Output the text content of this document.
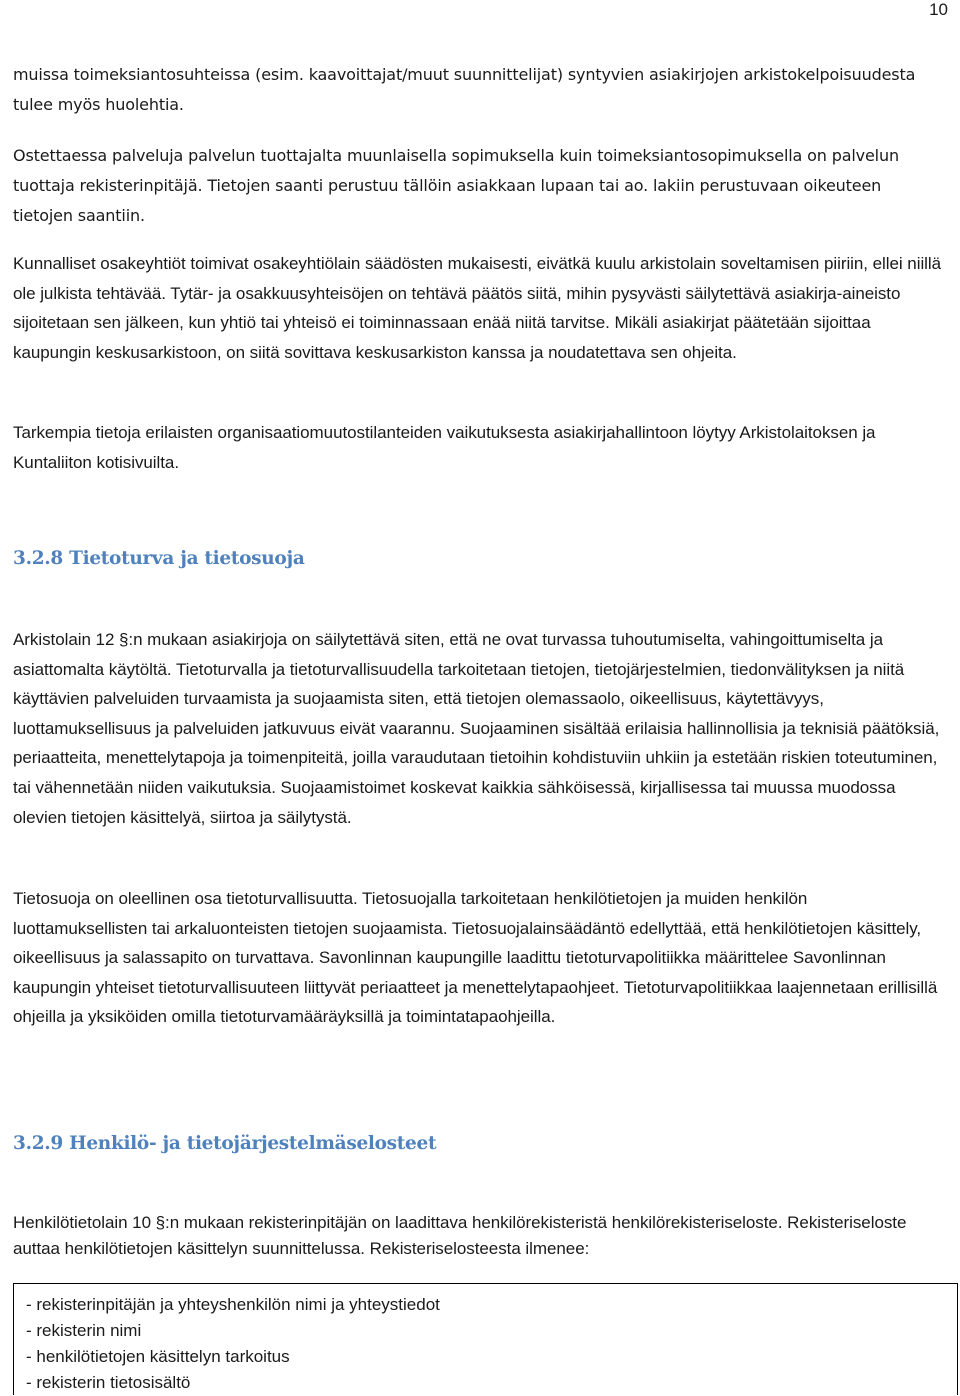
10

muissa toimeksiantosuhteissa (esim. kaavoittajat/muut suunnittelijat) syntyvien asiakirjojen arkistokelpoisuudesta tulee myös huolehtia.

Ostettaessa palveluja palvelun tuottajalta muunlaisella sopimuksella kuin toimeksiantosopimuksella on palvelun tuottaja rekisterinpitäjä. Tietojen saanti perustuu tällöin asiakkaan lupaan tai ao. lakiin perustuvaan oikeuteen tietojen saantiin.

Kunnalliset osakeyhtiöt toimivat osakeyhtiölain säädösten mukaisesti, eivätkä kuulu arkistolain soveltamisen piiriin, ellei niillä ole julkista tehtävää. Tytär- ja osakkuusyhteisöjen on tehtävä päätös siitä, mihin pysyvästi säilytettävä asiakirja-aineisto sijoitetaan sen jälkeen, kun yhtiö tai yhteisö ei toiminnassaan enää niitä tarvitse. Mikäli asiakirjat päätetään sijoittaa kaupungin keskusarkistoon, on siitä sovittava keskusarkiston kanssa ja noudatettava sen ohjeita.

Tarkempia tietoja erilaisten organisaatiomuutostilanteiden vaikutuksesta asiakirjahallintoon löytyy Arkistolaitoksen ja Kuntaliiton kotisivuilta.

3.2.8 Tietoturva ja tietosuoja

Arkistolain 12 §:n mukaan asiakirjoja on säilytettävä siten, että ne ovat turvassa tuhoutumiselta, vahingoittumiselta ja asiattomalta käytöltä. Tietoturvalla ja tietoturvallisuudella tarkoitetaan tietojen, tietojärjestelmien, tiedonvälityksen ja niitä käyttävien palveluiden turvaamista ja suojaamista siten, että tietojen olemassaolo, oikeellisuus, käytettävyys, luottamuksellisuus ja palveluiden jatkuvuus eivät vaarannu. Suojaaminen sisältää erilaisia hallinnollisia ja teknisiä päätöksiä, periaatteita, menettelytapoja ja toimenpiteitä, joilla varaudutaan tietoihin kohdistuviin uhkiin ja estetään riskien toteutuminen, tai vähennetään niiden vaikutuksia. Suojaamistoimet koskevat kaikkia sähköisessä, kirjallisessa tai muussa muodossa olevien tietojen käsittelyä, siirtoa ja säilytystä.

Tietosuoja on oleellinen osa tietoturvallisuutta. Tietosuojalla tarkoitetaan henkilötietojen ja muiden henkilön luottamuksellisten tai arkaluonteisten tietojen suojaamista. Tietosuojalainsäädäntö edellyttää, että henkilötietojen käsittely, oikeellisuus ja salassapito on turvattava. Savonlinnan kaupungille laadittu tietoturvapolitiikka määrittelee Savonlinnan kaupungin yhteiset tietoturvallisuuteen liittyvät periaatteet ja menettelytapaohjeet. Tietoturvapolitiikkaa laajennetaan erillisillä ohjeilla ja yksiköiden omilla tietoturvamääräyksillä ja toimintatapaohjeilla.

3.2.9 Henkilö- ja tietojärjestelmäselosteet

Henkilötietolain 10 §:n mukaan rekisterinpitäjän on laadittava henkilörekisteristä henkilörekisteriseloste. Rekisteriseloste auttaa henkilötietojen käsittelyn suunnittelussa. Rekisteriselosteesta ilmenee:

- rekisterinpitäjän ja yhteyshenkilön nimi ja yhteystiedot
- rekisterin nimi
- henkilötietojen käsittelyn tarkoitus
- rekisterin tietosisältö
